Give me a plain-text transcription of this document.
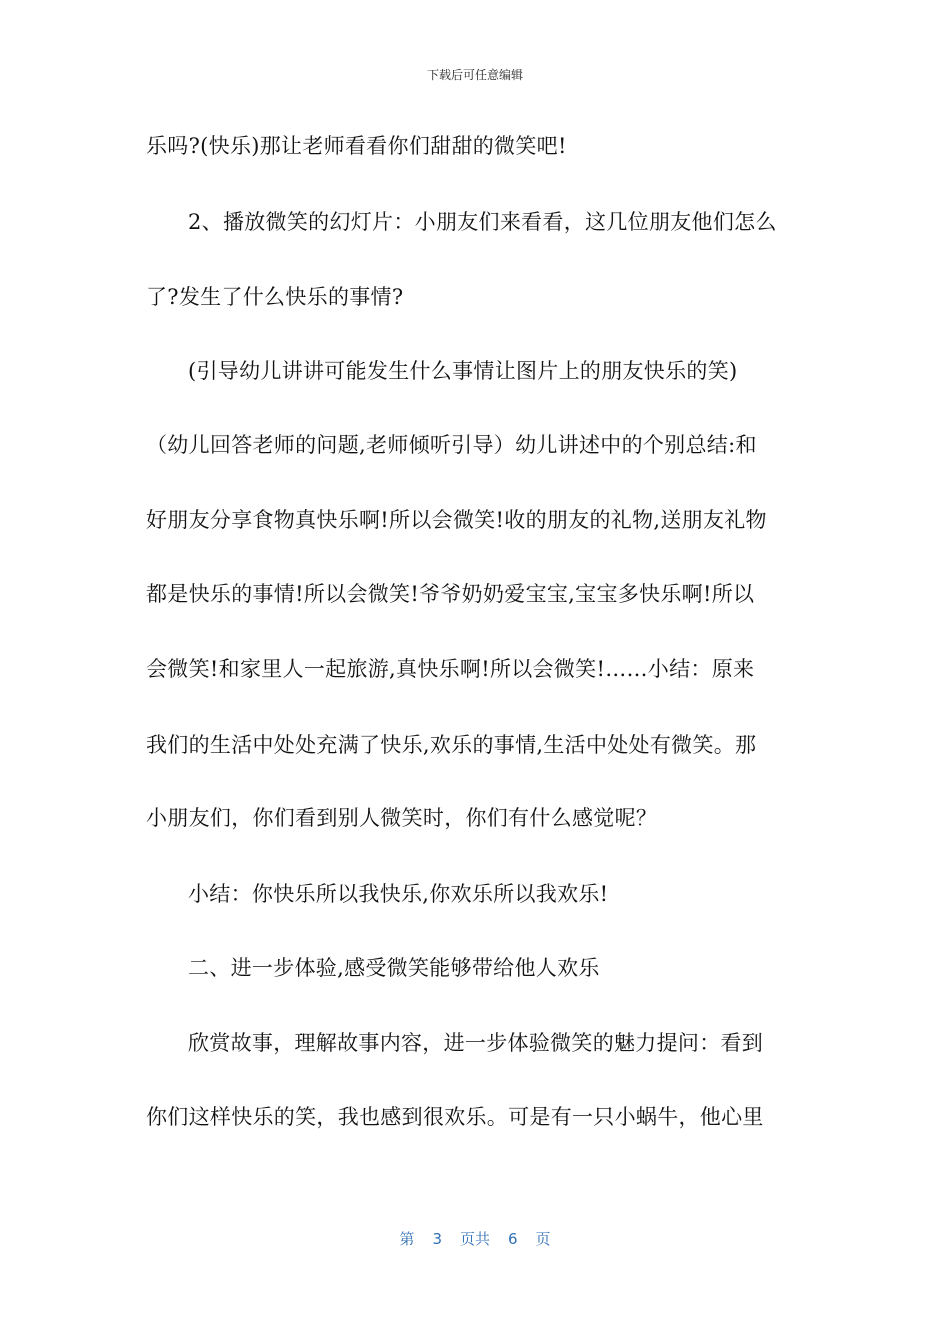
下载后可任意编辑
乐吗?(快乐)那让老师看看你们甜甜的微笑吧!
2、播放微笑的幻灯片：小朋友们来看看，这几位朋友他们怎么
了?发生了什么快乐的事情?
(引导幼儿讲讲可能发生什么事情让图片上的朋友快乐的笑)
（幼儿回答老师的问题,老师倾听引导）幼儿讲述中的个别总结:和
好朋友分享食物真快乐啊!所以会微笑!收的朋友的礼物,送朋友礼物
都是快乐的事情!所以会微笑!爷爷奶奶爱宝宝,宝宝多快乐啊!所以
会微笑!和家里人一起旅游,真快乐啊!所以会微笑!……小结：原来
我们的生活中处处充满了快乐,欢乐的事情,生活中处处有微笑。那
小朋友们，你们看到别人微笑时，你们有什么感觉呢？
小结：你快乐所以我快乐,你欢乐所以我欢乐!
二、进一步体验,感受微笑能够带给他人欢乐
欣赏故事，理解故事内容，进一步体验微笑的魅力提问：看到
你们这样快乐的笑，我也感到很欢乐。可是有一只小蜗牛，他心里
第 3 页共 6 页
